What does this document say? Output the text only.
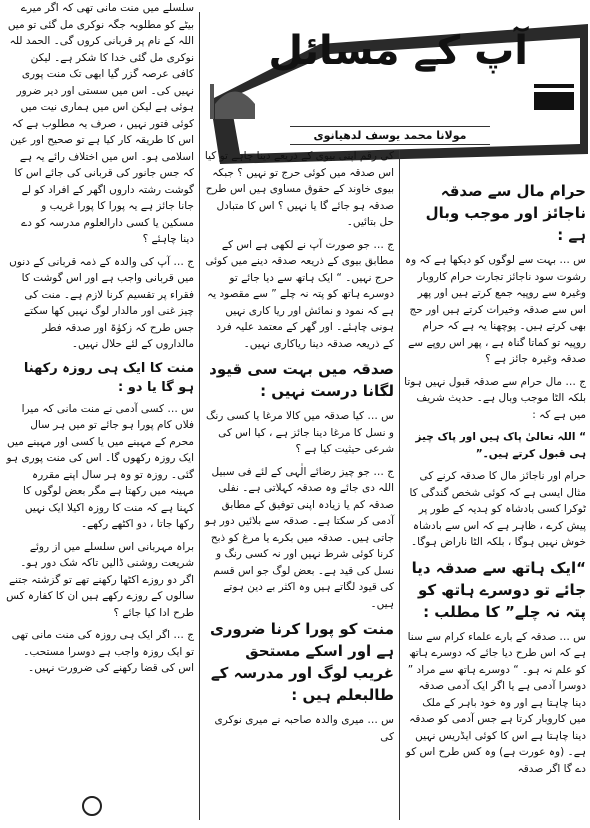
آپ کے مسائل
مولانا محمد یوسف لدھیانوی
حرام مال سے صدقہ ناجائز اور موجب وبال ہے :

س … بہت سے لوگوں کو دیکھا ہے کہ وہ رشوت سود ناجائز تجارت حرام کاروبار وغیرہ سے روپیہ جمع کرتے ہیں اور پھر اس سے صدقہ وخیرات کرتے ہیں اور حج بھی کرتے ہیں۔ پوچھنا یہ ہے کہ حرام روپیہ تو کماتا گناہ ہے ، پھر اس روپے سے صدقہ وغیرہ جائز ہے ؟

ج … مال حرام سے صدقہ قبول نہیں ہوتا بلکہ الٹا موجب وبال ہے۔ حدیث شریف میں ہے کہ :

“ اللہ تعالیٰ پاک ہیں اور پاک چیز ہی قبول کرتے ہیں۔”

حرام اور ناجائز مال کا صدقہ کرنے کی مثال ایسی ہے کہ کوئی شخص گندگی کا ٹوکرا کسی بادشاہ کو ہدیہ کے طور پر پیش کرے ، ظاہر ہے کہ اس سے بادشاہ خوش نہیں ہوگا ، بلکہ الٹا ناراض ہوگا۔

“ایک ہاتھ سے صدقہ دیا جائے تو دوسرے ہاتھ کو پتہ نہ چلے” کا مطلب :

س … صدقہ کے بارے علماء کرام سے سنا ہے کہ اس طرح دیا جائے کہ دوسرے ہاتھ کو علم نہ ہو۔ “ دوسرے ہاتھ سے مراد ” دوسرا آدمی ہے یا اگر ایک آدمی صدقہ دینا چاہتا ہے اور وہ خود باہر کے ملک میں کاروبار کرتا ہے جس آدمی کو صدقہ دینا چاہتا ہے اس کا کوئی ایڈریس نہیں ہے۔ (وہ عورت ہے) وہ کس طرح اس کو دے گا اگر صدقہ

کی رقم اپنی بیوی کے ذریعے دینا چاہے تو کیا اس صدقہ میں کوئی حرج تو نہیں ؟ جبکہ بیوی خاوند کے حقوق مساوی ہیں اس طرح صدقہ ہو جائے گا یا نہیں ؟ اس کا متبادل حل بتائیں۔

ج … جو صورت آپ نے لکھی ہے اس کے مطابق بیوی کے ذریعہ صدقہ دینے میں کوئی حرج نہیں۔ “ ایک ہاتھ سے دیا جائے تو دوسرے ہاتھ کو پتہ نہ چلے ” سے مقصود یہ ہے کہ نمود و نمائش اور ریا کاری نہیں ہونی چاہئے۔ اور گھر کے معتمد علیہ فرد کے ذریعہ صدقہ دینا ریاکاری نہیں۔

صدقہ میں بہت سی قیود لگانا درست نہیں :

س … کیا صدقہ میں کالا مرغا یا کسی رنگ و نسل کا مرغا دینا جائز ہے ، کیا اس کی شرعی حیثیت کیا ہے ؟

ج … جو چیز رضائے الٰہی کے لئے فی سبیل اللہ دی جائے وہ صدقہ کہلاتی ہے۔ نفلی صدقہ کم یا زیادہ اپنی توفیق کے مطابق آدمی کر سکتا ہے۔ صدقہ سے بلائیں دور ہو جاتی ہیں۔ صدقہ میں بکرے یا مرغ کو ذبح کرنا کوئی شرط نہیں اور نہ کسی رنگ و نسل کی قید ہے۔ بعض لوگ جو اس قسم کی قیود لگاتے ہیں وہ اکثر بے دین ہوتے ہیں۔

منت کو پورا کرنا ضروری ہے اور اسکے مستحق غریب لوگ اور مدرسہ کے طالبعلم ہیں :

س … میری والدہ صاحبہ نے میری نوکری کی

سلسلے میں منت مانی تھی کہ اگر میرے بیٹے کو مطلوبہ جگہ نوکری مل گئی تو میں اللہ کے نام پر قربانی کروں گی۔ الحمد للہ نوکری مل گئی خدا کا شکر ہے۔ لیکن کافی عرصہ گزر گیا ابھی تک منت پوری نہیں کی۔ اس میں سستی اور دیر ضرور ہوئی ہے لیکن اس میں ہماری نیت میں کوئی فتور نہیں ، صرف یہ مطلوب ہے کہ اس کا طریقہ کار کیا ہے تو صحیح اور عین اسلامی ہو۔ اس میں اختلاف رائے یہ ہے کہ جس جانور کی قربانی کی جائے اس کا گوشت رشتہ داروں اگھر کے افراد کو لے جانا جائز ہے یہ پورا کا پورا غریب و مسکین یا کسی دارالعلوم مدرسہ کو دے دینا چاہئے ؟

ج … آپ کی والدہ کے ذمہ قربانی کے دنوں میں قربانی واجب ہے اور اس گوشت کا فقراء پر تقسیم کرنا لازم ہے۔ منت کی چیز غنی اور مالدار لوگ نہیں کھا سکتے جس طرح کہ زکوٰۃ اور صدقہ فطر مالداروں کے لئے حلال نہیں۔

منت کا ایک ہی روزہ رکھنا ہو گا یا دو :

س … کسی آدمی نے منت مانی کہ میرا فلاں کام پورا ہو جائے تو میں ہر سال محرم کے مہینے میں یا کسی اور مہینے میں ایک روزہ رکھوں گا۔ اس کی منت پوری ہو گئی۔ روزہ تو وہ ہر سال اپنے مقررہ مہینہ میں رکھتا ہے مگر بعض لوگوں کا کہنا ہے کہ منت کا روزہ اکیلا ایک نہیں رکھا جاتا ، دو اکٹھے رکھے۔

براہ مہربانی اس سلسلے میں از روئے شریعت روشنی ڈالیں تاکہ شک دور ہو۔ اگر دو روزے اکٹھا رکھنے تھے تو گزشتہ جتنے سالوں کے روزے رکھے ہیں ان کا کفارہ کس طرح ادا کیا جائے ؟

ج … اگر ایک ہی روزہ کی منت مانی تھی تو ایک روزہ واجب ہے دوسرا مستحب۔ اس کی قضا رکھنے کی ضرورت نہیں۔
